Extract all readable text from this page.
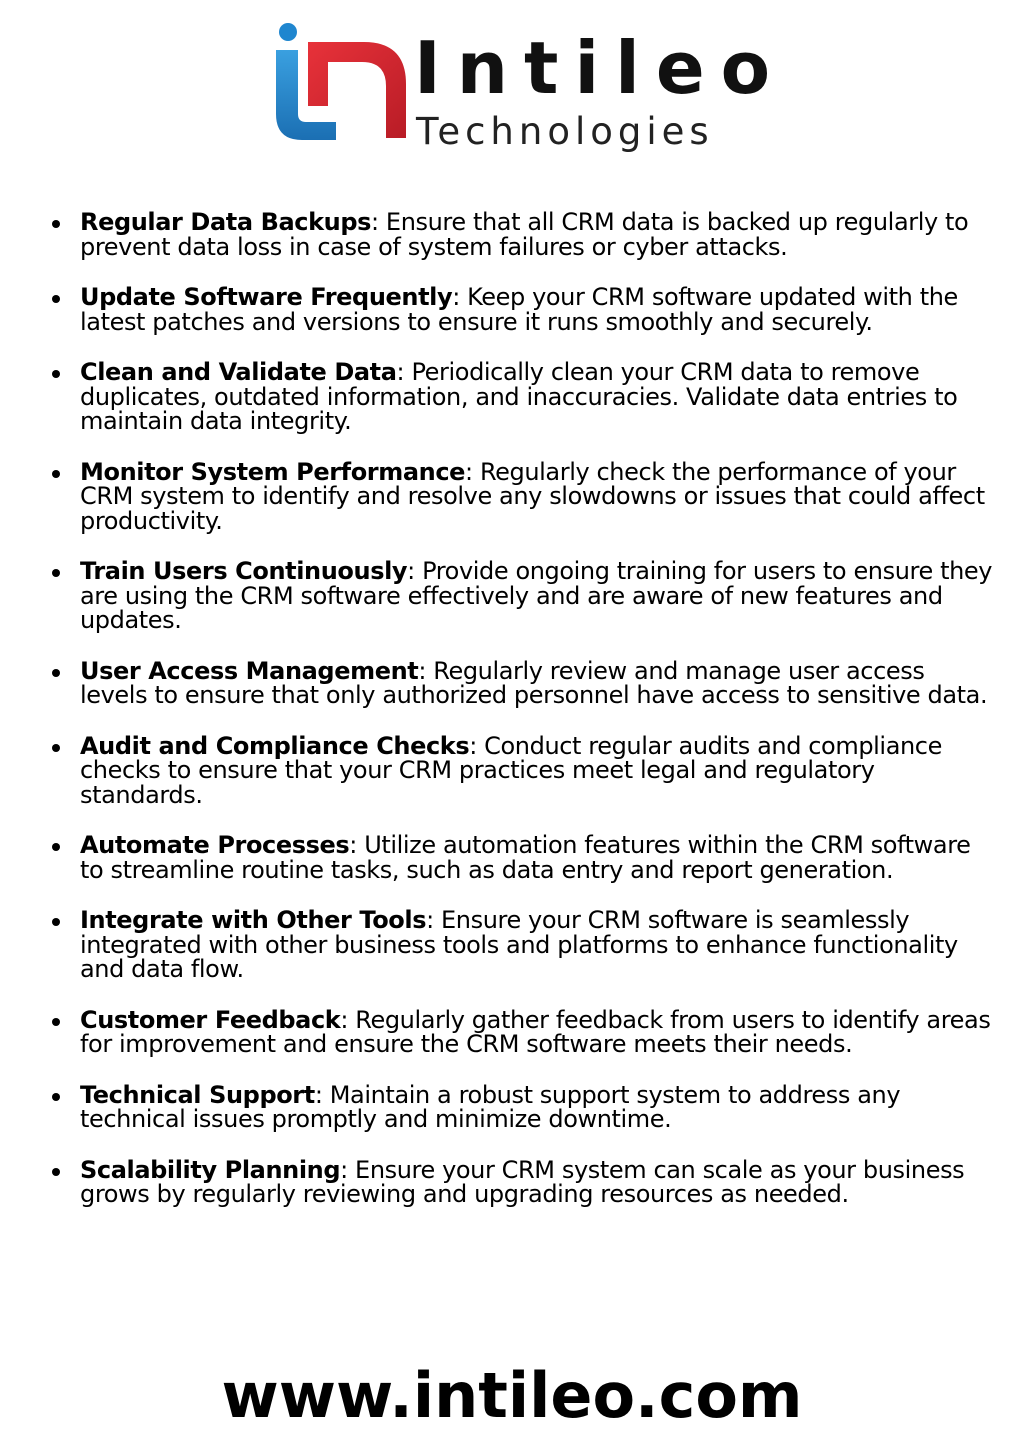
Intileo
Technologies
Regular Data Backups: Ensure that all CRM data is backed up regularly to prevent data loss in case of system failures or cyber attacks.
Update Software Frequently: Keep your CRM software updated with the latest patches and versions to ensure it runs smoothly and securely.
Clean and Validate Data: Periodically clean your CRM data to remove duplicates, outdated information, and inaccuracies. Validate data entries to maintain data integrity.
Monitor System Performance: Regularly check the performance of your CRM system to identify and resolve any slowdowns or issues that could affect productivity.
Train Users Continuously: Provide ongoing training for users to ensure they are using the CRM software effectively and are aware of new features and updates.
User Access Management: Regularly review and manage user access levels to ensure that only authorized personnel have access to sensitive data.
Audit and Compliance Checks: Conduct regular audits and compliance checks to ensure that your CRM practices meet legal and regulatory standards.
Automate Processes: Utilize automation features within the CRM software to streamline routine tasks, such as data entry and report generation.
Integrate with Other Tools: Ensure your CRM software is seamlessly integrated with other business tools and platforms to enhance functionality and data flow.
Customer Feedback: Regularly gather feedback from users to identify areas for improvement and ensure the CRM software meets their needs.
Technical Support: Maintain a robust support system to address any technical issues promptly and minimize downtime.
Scalability Planning: Ensure your CRM system can scale as your business grows by regularly reviewing and upgrading resources as needed.
www.intileo.com
